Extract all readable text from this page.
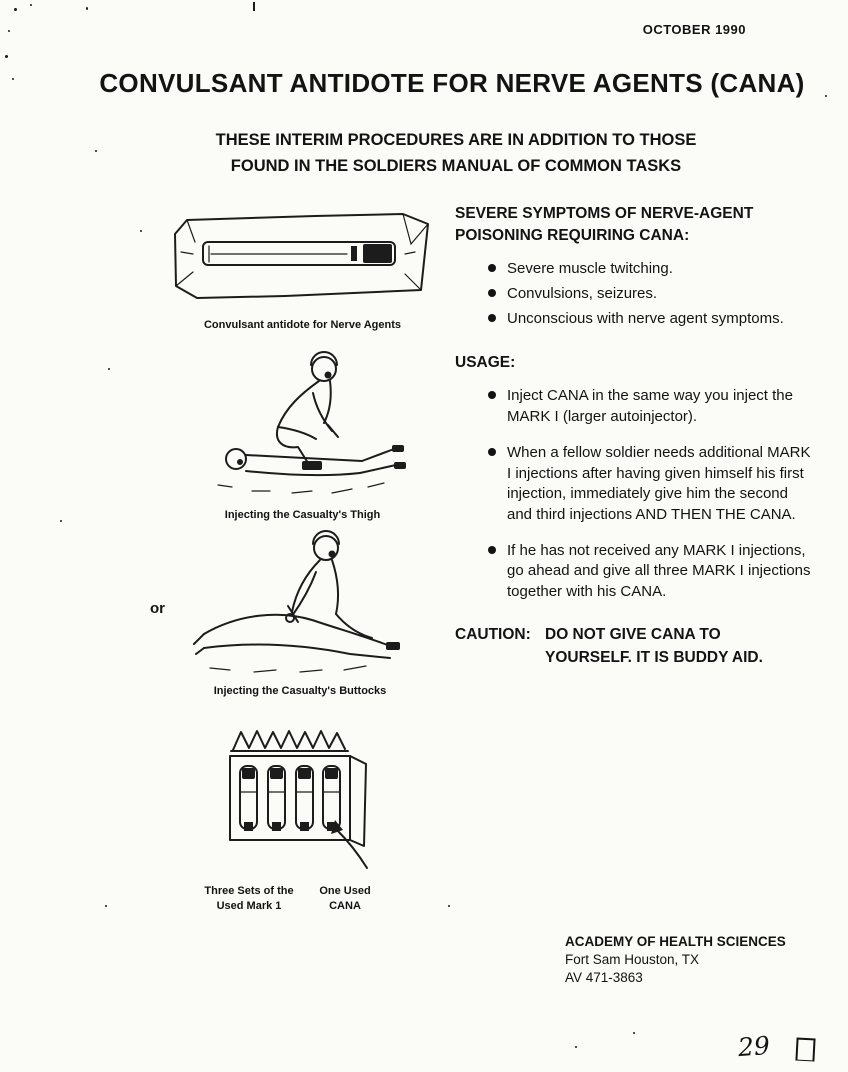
OCTOBER 1990
CONVULSANT ANTIDOTE FOR NERVE AGENTS (CANA)
THESE INTERIM PROCEDURES ARE IN ADDITION TO THOSE
FOUND IN THE SOLDIERS MANUAL OF COMMON TASKS
Convulsant antidote for Nerve Agents
Injecting the Casualty's Thigh
or
Injecting the Casualty's Buttocks
Three Sets of the Used Mark 1
One Used CANA
SEVERE SYMPTOMS OF NERVE-AGENT POISONING REQUIRING CANA:
Severe muscle twitching.
Convulsions, seizures.
Unconscious with nerve agent symptoms.
USAGE:
Inject CANA in the same way you inject the MARK I (larger autoinjector).
When a fellow soldier needs additional MARK I injections after having given himself his first injection, immediately give him the second and third injections AND THEN THE CANA.
If he has not received any MARK I injections, go ahead and give all three MARK I injections together with his CANA.
CAUTION: DO NOT GIVE CANA TO YOURSELF. IT IS BUDDY AID.
ACADEMY OF HEALTH SCIENCES
Fort Sam Houston, TX
AV 471-3863
29
